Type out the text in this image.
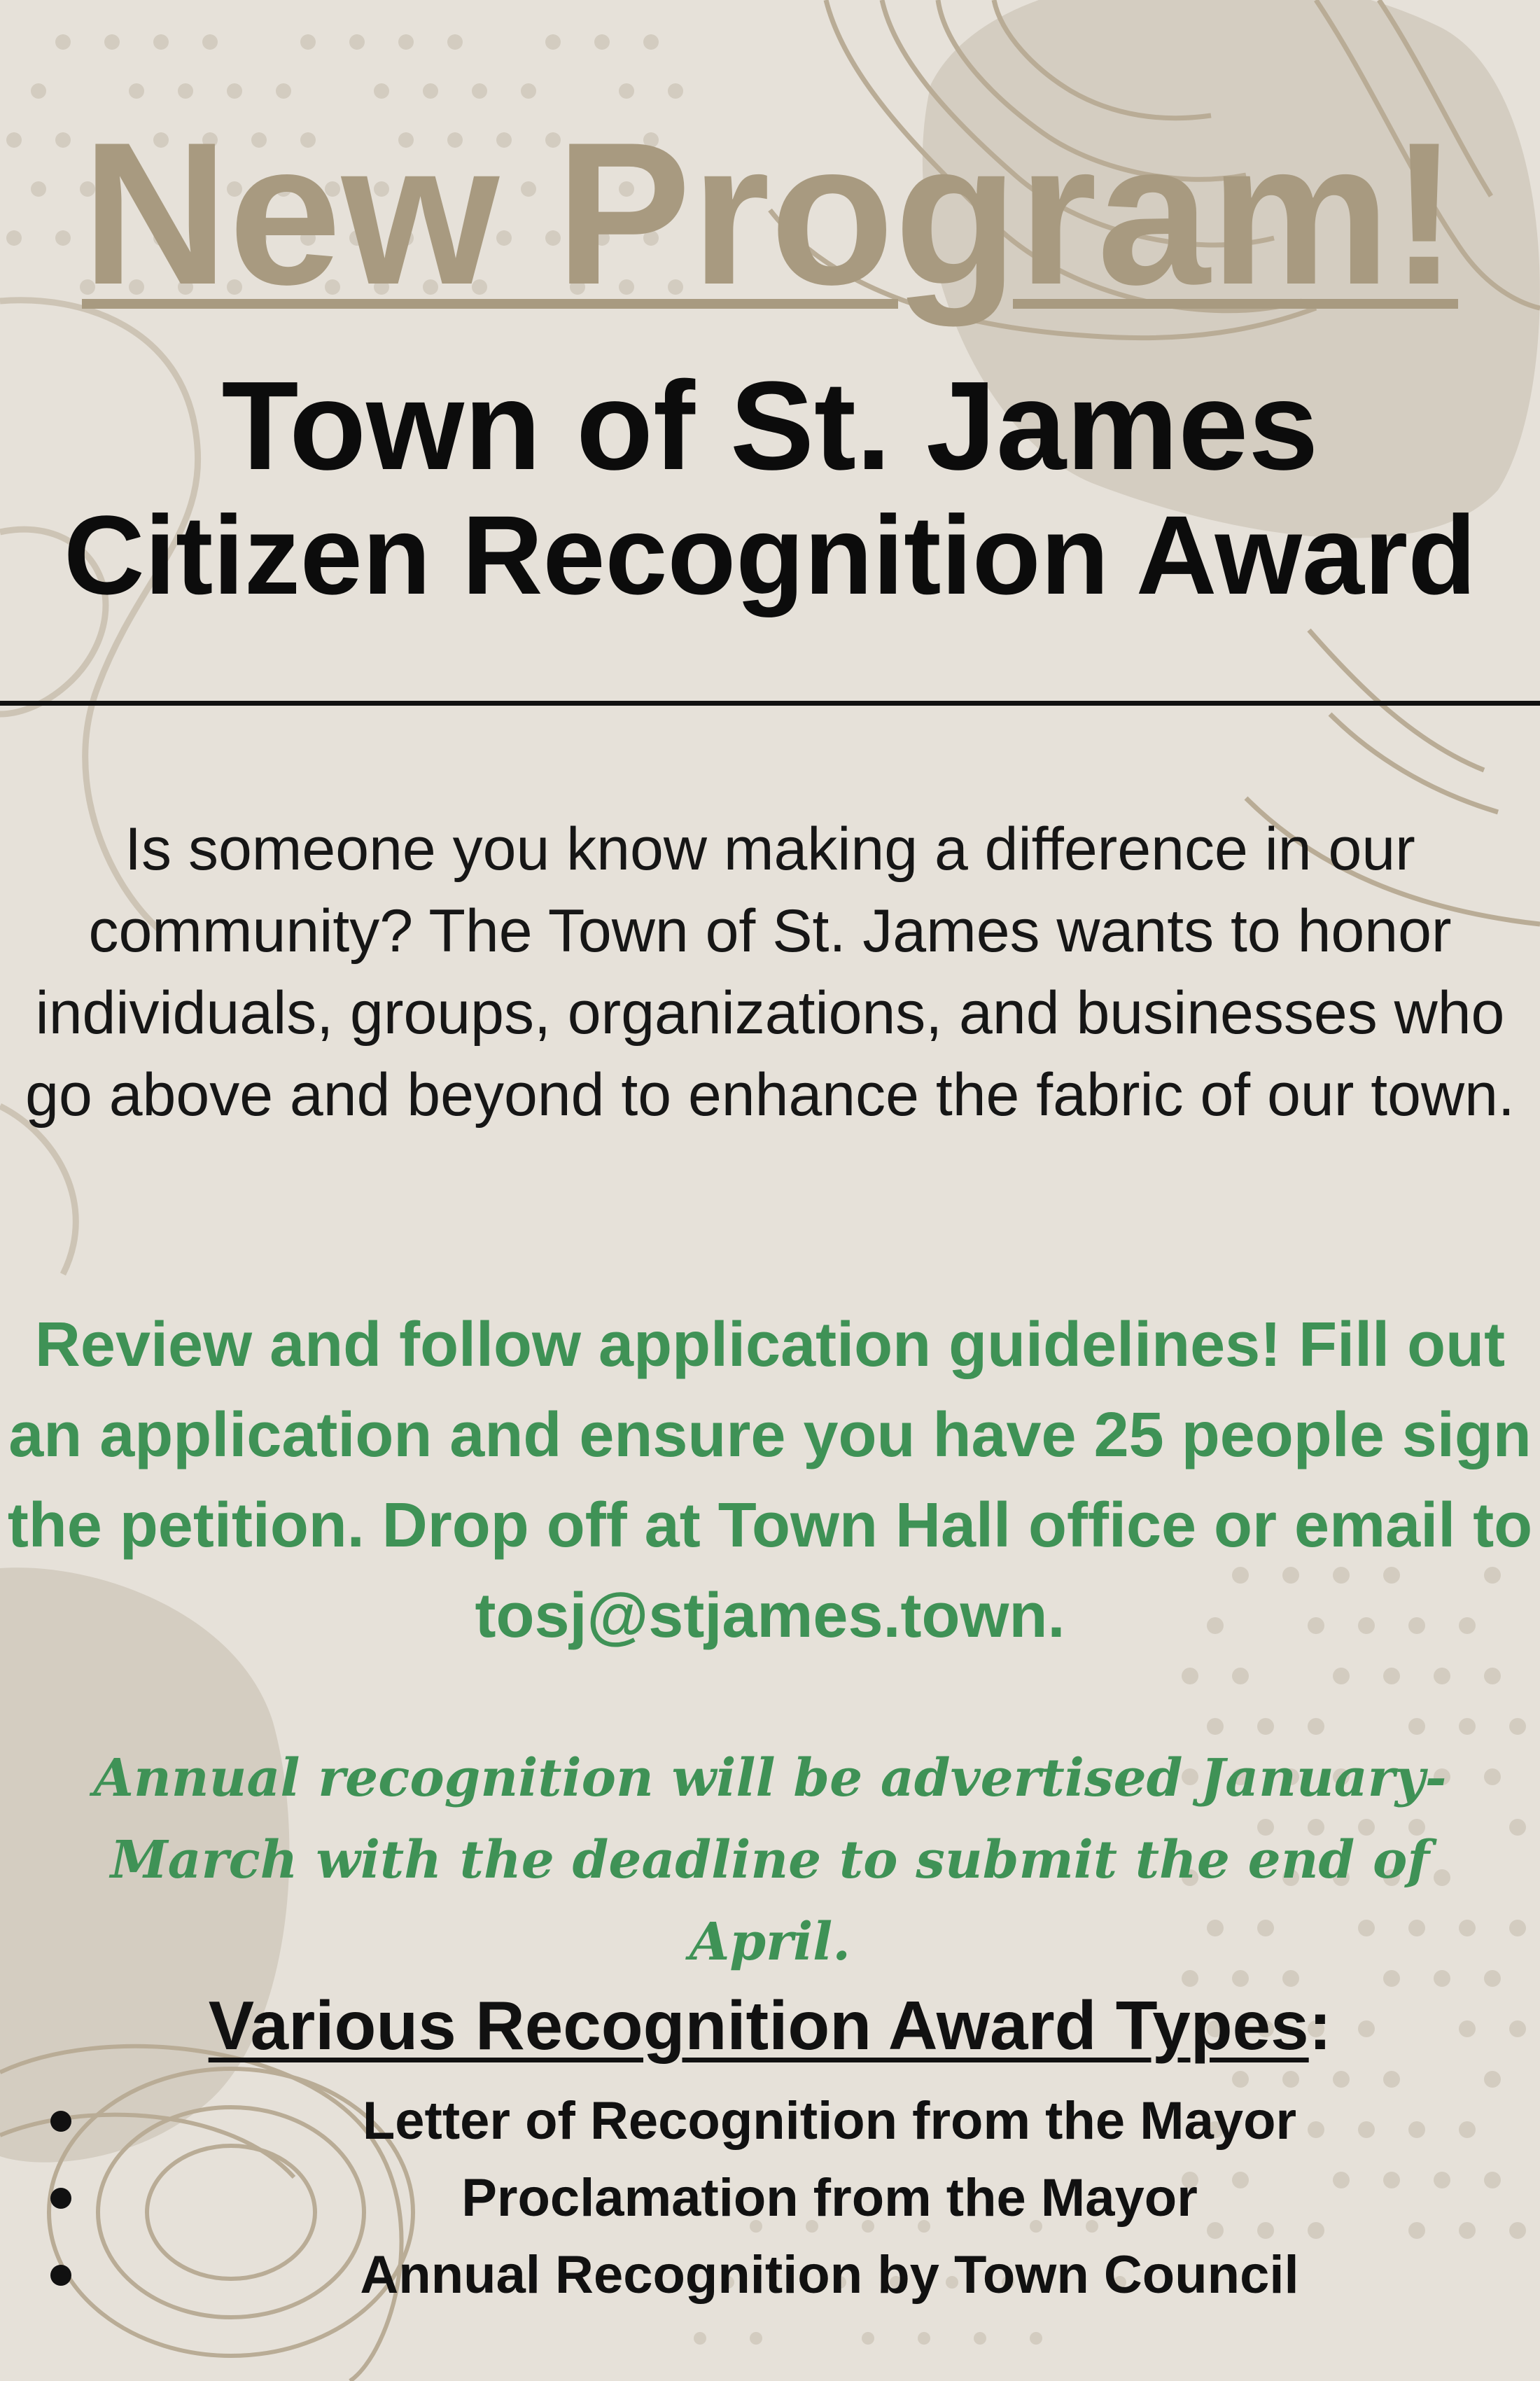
New Program!
Town of St. James
Citizen Recognition Award

Is someone you know making a difference in our community? The Town of St. James wants to honor individuals, groups, organizations, and businesses who go above and beyond to enhance the fabric of our town.

Review and follow application guidelines! Fill out an application and ensure you have 25 people sign the petition. Drop off at Town Hall office or email to tosj@stjames.town.

Annual recognition will be advertised January-March with the deadline to submit the end of April.

Various Recognition Award Types:
Letter of Recognition from the Mayor
Proclamation from the Mayor
Annual Recognition by Town Council
